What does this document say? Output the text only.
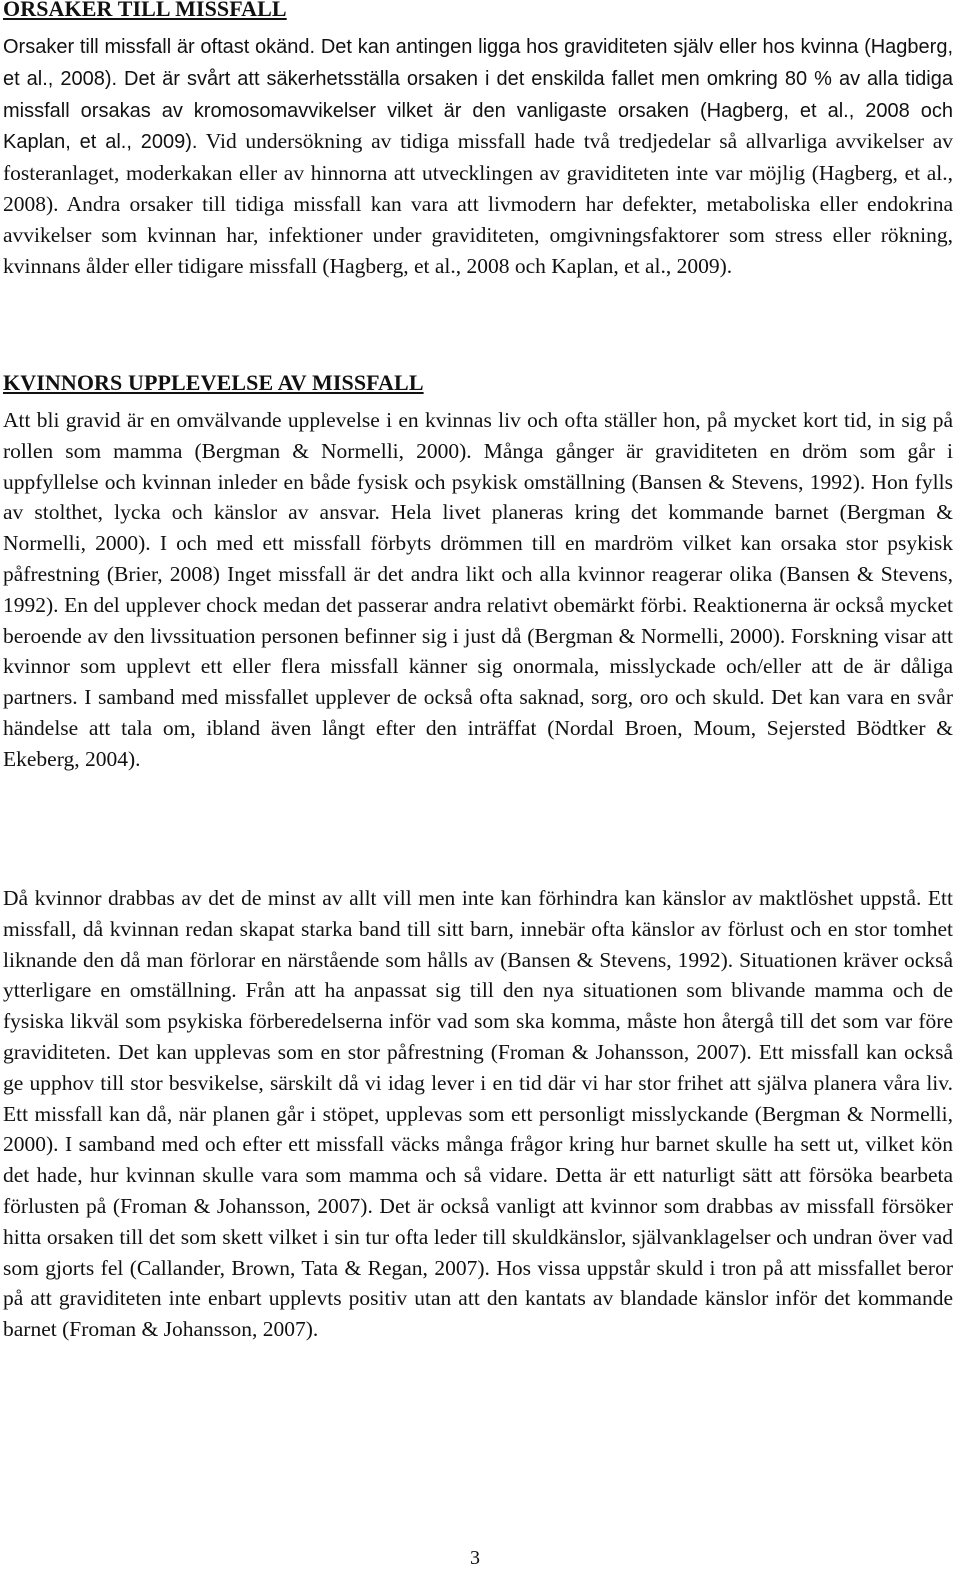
ORSAKER TILL MISSFALL

Orsaker till missfall är oftast okänd. Det kan antingen ligga hos graviditeten själv eller hos kvinna (Hagberg, et al., 2008). Det är svårt att säkerhetsställa orsaken i det enskilda fallet men omkring 80 % av alla tidiga missfall orsakas av kromosomavvikelser vilket är den vanligaste orsaken (Hagberg, et al., 2008 och Kaplan, et al., 2009). Vid undersökning av tidiga missfall hade två tredjedelar så allvarliga avvikelser av fosteranlaget, moderkakan eller av hinnorna att utvecklingen av graviditeten inte var möjlig (Hagberg, et al., 2008). Andra orsaker till tidiga missfall kan vara att livmodern har defekter, metaboliska eller endokrina avvikelser som kvinnan har, infektioner under graviditeten, omgivningsfaktorer som stress eller rökning, kvinnans ålder eller tidigare missfall (Hagberg, et al., 2008 och Kaplan, et al., 2009).

KVINNORS UPPLEVELSE AV MISSFALL

Att bli gravid är en omvälvande upplevelse i en kvinnas liv och ofta ställer hon, på mycket kort tid, in sig på rollen som mamma (Bergman & Normelli, 2000). Många gånger är graviditeten en dröm som går i uppfyllelse och kvinnan inleder en både fysisk och psykisk omställning (Bansen & Stevens, 1992). Hon fylls av stolthet, lycka och känslor av ansvar. Hela livet planeras kring det kommande barnet (Bergman & Normelli, 2000). I och med ett missfall förbyts drömmen till en mardröm vilket kan orsaka stor psykisk påfrestning (Brier, 2008) Inget missfall är det andra likt och alla kvinnor reagerar olika (Bansen & Stevens, 1992). En del upplever chock medan det passerar andra relativt obemärkt förbi. Reaktionerna är också mycket beroende av den livssituation personen befinner sig i just då (Bergman & Normelli, 2000). Forskning visar att kvinnor som upplevt ett eller flera missfall känner sig onormala, misslyckade och/eller att de är dåliga partners. I samband med missfallet upplever de också ofta saknad, sorg, oro och skuld. Det kan vara en svår händelse att tala om, ibland även långt efter den inträffat (Nordal Broen, Moum, Sejersted Bödtker & Ekeberg, 2004).

Då kvinnor drabbas av det de minst av allt vill men inte kan förhindra kan känslor av maktlöshet uppstå. Ett missfall, då kvinnan redan skapat starka band till sitt barn, innebär ofta känslor av förlust och en stor tomhet liknande den då man förlorar en närstående som hålls av (Bansen & Stevens, 1992). Situationen kräver också ytterligare en omställning. Från att ha anpassat sig till den nya situationen som blivande mamma och de fysiska likväl som psykiska förberedelserna inför vad som ska komma, måste hon återgå till det som var före graviditeten. Det kan upplevas som en stor påfrestning (Froman & Johansson, 2007). Ett missfall kan också ge upphov till stor besvikelse, särskilt då vi idag lever i en tid där vi har stor frihet att själva planera våra liv. Ett missfall kan då, när planen går i stöpet, upplevas som ett personligt misslyckande (Bergman & Normelli, 2000). I samband med och efter ett missfall väcks många frågor kring hur barnet skulle ha sett ut, vilket kön det hade, hur kvinnan skulle vara som mamma och så vidare. Detta är ett naturligt sätt att försöka bearbeta förlusten på (Froman & Johansson, 2007). Det är också vanligt att kvinnor som drabbas av missfall försöker hitta orsaken till det som skett vilket i sin tur ofta leder till skuldkänslor, självanklagelser och undran över vad som gjorts fel (Callander, Brown, Tata & Regan, 2007). Hos vissa uppstår skuld i tron på att missfallet beror på att graviditeten inte enbart upplevts positiv utan att den kantats av blandade känslor inför det kommande barnet (Froman & Johansson, 2007).

3
